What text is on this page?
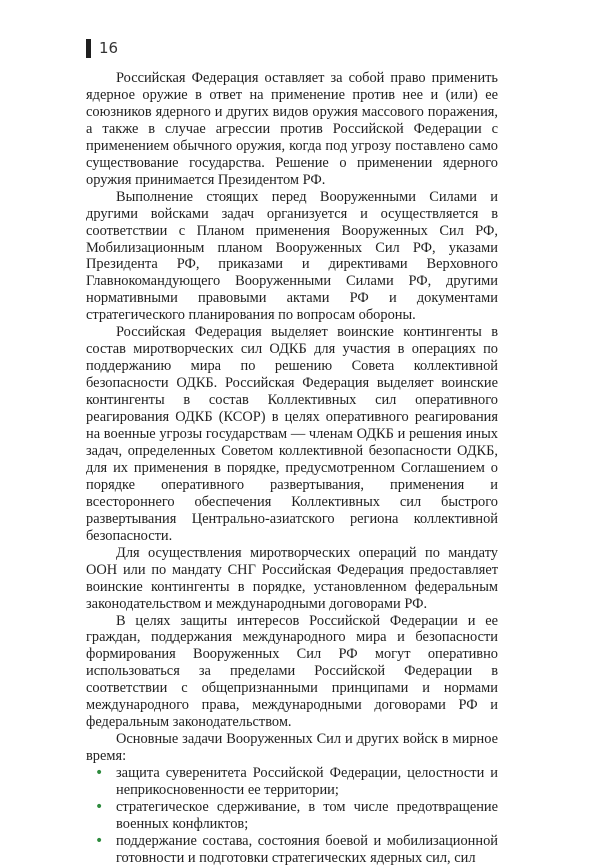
16

Российская Федерация оставляет за собой право применить ядерное оружие в ответ на применение против нее и (или) ее союзников ядерного и других видов оружия массового поражения, а также в случае агрессии против Российской Федерации с применением обычного оружия, когда под угрозу поставлено само существование государства. Решение о применении ядерного оружия принимается Президентом РФ.

Выполнение стоящих перед Вооруженными Силами и другими войсками задач организуется и осуществляется в соответствии с Планом применения Вооруженных Сил РФ, Мобилизационным планом Вооруженных Сил РФ, указами Президента РФ, приказами и директивами Верховного Главнокомандующего Вооруженными Силами РФ, другими нормативными правовыми актами РФ и документами стратегического планирования по вопросам обороны.

Российская Федерация выделяет воинские контингенты в состав миротворческих сил ОДКБ для участия в операциях по поддержанию мира по решению Совета коллективной безопасности ОДКБ. Российская Федерация выделяет воинские контингенты в состав Коллективных сил оперативного реагирования ОДКБ (КСОР) в целях оперативного реагирования на военные угрозы государствам — членам ОДКБ и решения иных задач, определенных Советом коллективной безопасности ОДКБ, для их применения в порядке, предусмотренном Соглашением о порядке оперативного развертывания, применения и всестороннего обеспечения Коллективных сил быстрого развертывания Центрально-азиатского региона коллективной безопасности.

Для осуществления миротворческих операций по мандату ООН или по мандату СНГ Российская Федерация предоставляет воинские контингенты в порядке, установленном федеральным законодательством и международными договорами РФ.

В целях защиты интересов Российской Федерации и ее граждан, поддержания международного мира и безопасности формирования Вооруженных Сил РФ могут оперативно использоваться за пределами Российской Федерации в соответствии с общепризнанными принципами и нормами международного права, международными договорами РФ и федеральным законодательством.

Основные задачи Вооруженных Сил и других войск в мирное время:

• защита суверенитета Российской Федерации, целостности и неприкосновенности ее территории;
• стратегическое сдерживание, в том числе предотвращение военных конфликтов;
• поддержание состава, состояния боевой и мобилизационной готовности и подготовки стратегических ядерных сил, сил
